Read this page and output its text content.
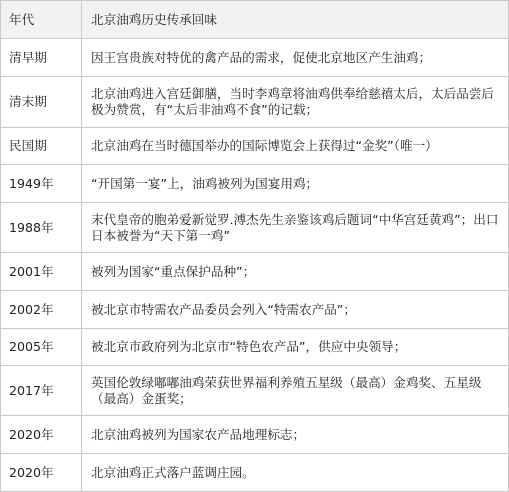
年代	北京油鸡历史传承回味
清早期	因王宫贵族对特优的禽产品的需求，促使北京地区产生油鸡；
清末期	北京油鸡进入宫廷御膳，当时李鸡章将油鸡供奉给慈禧太后，太后品尝后极为赞赏，有“太后非油鸡不食”的记载；
民国期	北京油鸡在当时德国举办的国际博览会上获得过“金奖”（唯一）
1949年	“开国第一宴”上，油鸡被列为国宴用鸡；
1988年	末代皇帝的胞弟爱新觉罗.溥杰先生亲鉴该鸡后题词“中华宫廷黄鸡”；出口日本被誉为“天下第一鸡”
2001年	被列为国家“重点保护品种”；
2002年	被北京市特需农产品委员会列入“特需农产品”；
2005年	被北京市政府列为北京市“特色农产品”，供应中央领导；
2017年	英国伦敦绿嘟嘟油鸡荣获世界福利养殖五星级（最高）金鸡奖、五星级（最高）金蛋奖；
2020年	北京油鸡被列为国家农产品地理标志；
2020年	北京油鸡正式落户蓝调庄园。
